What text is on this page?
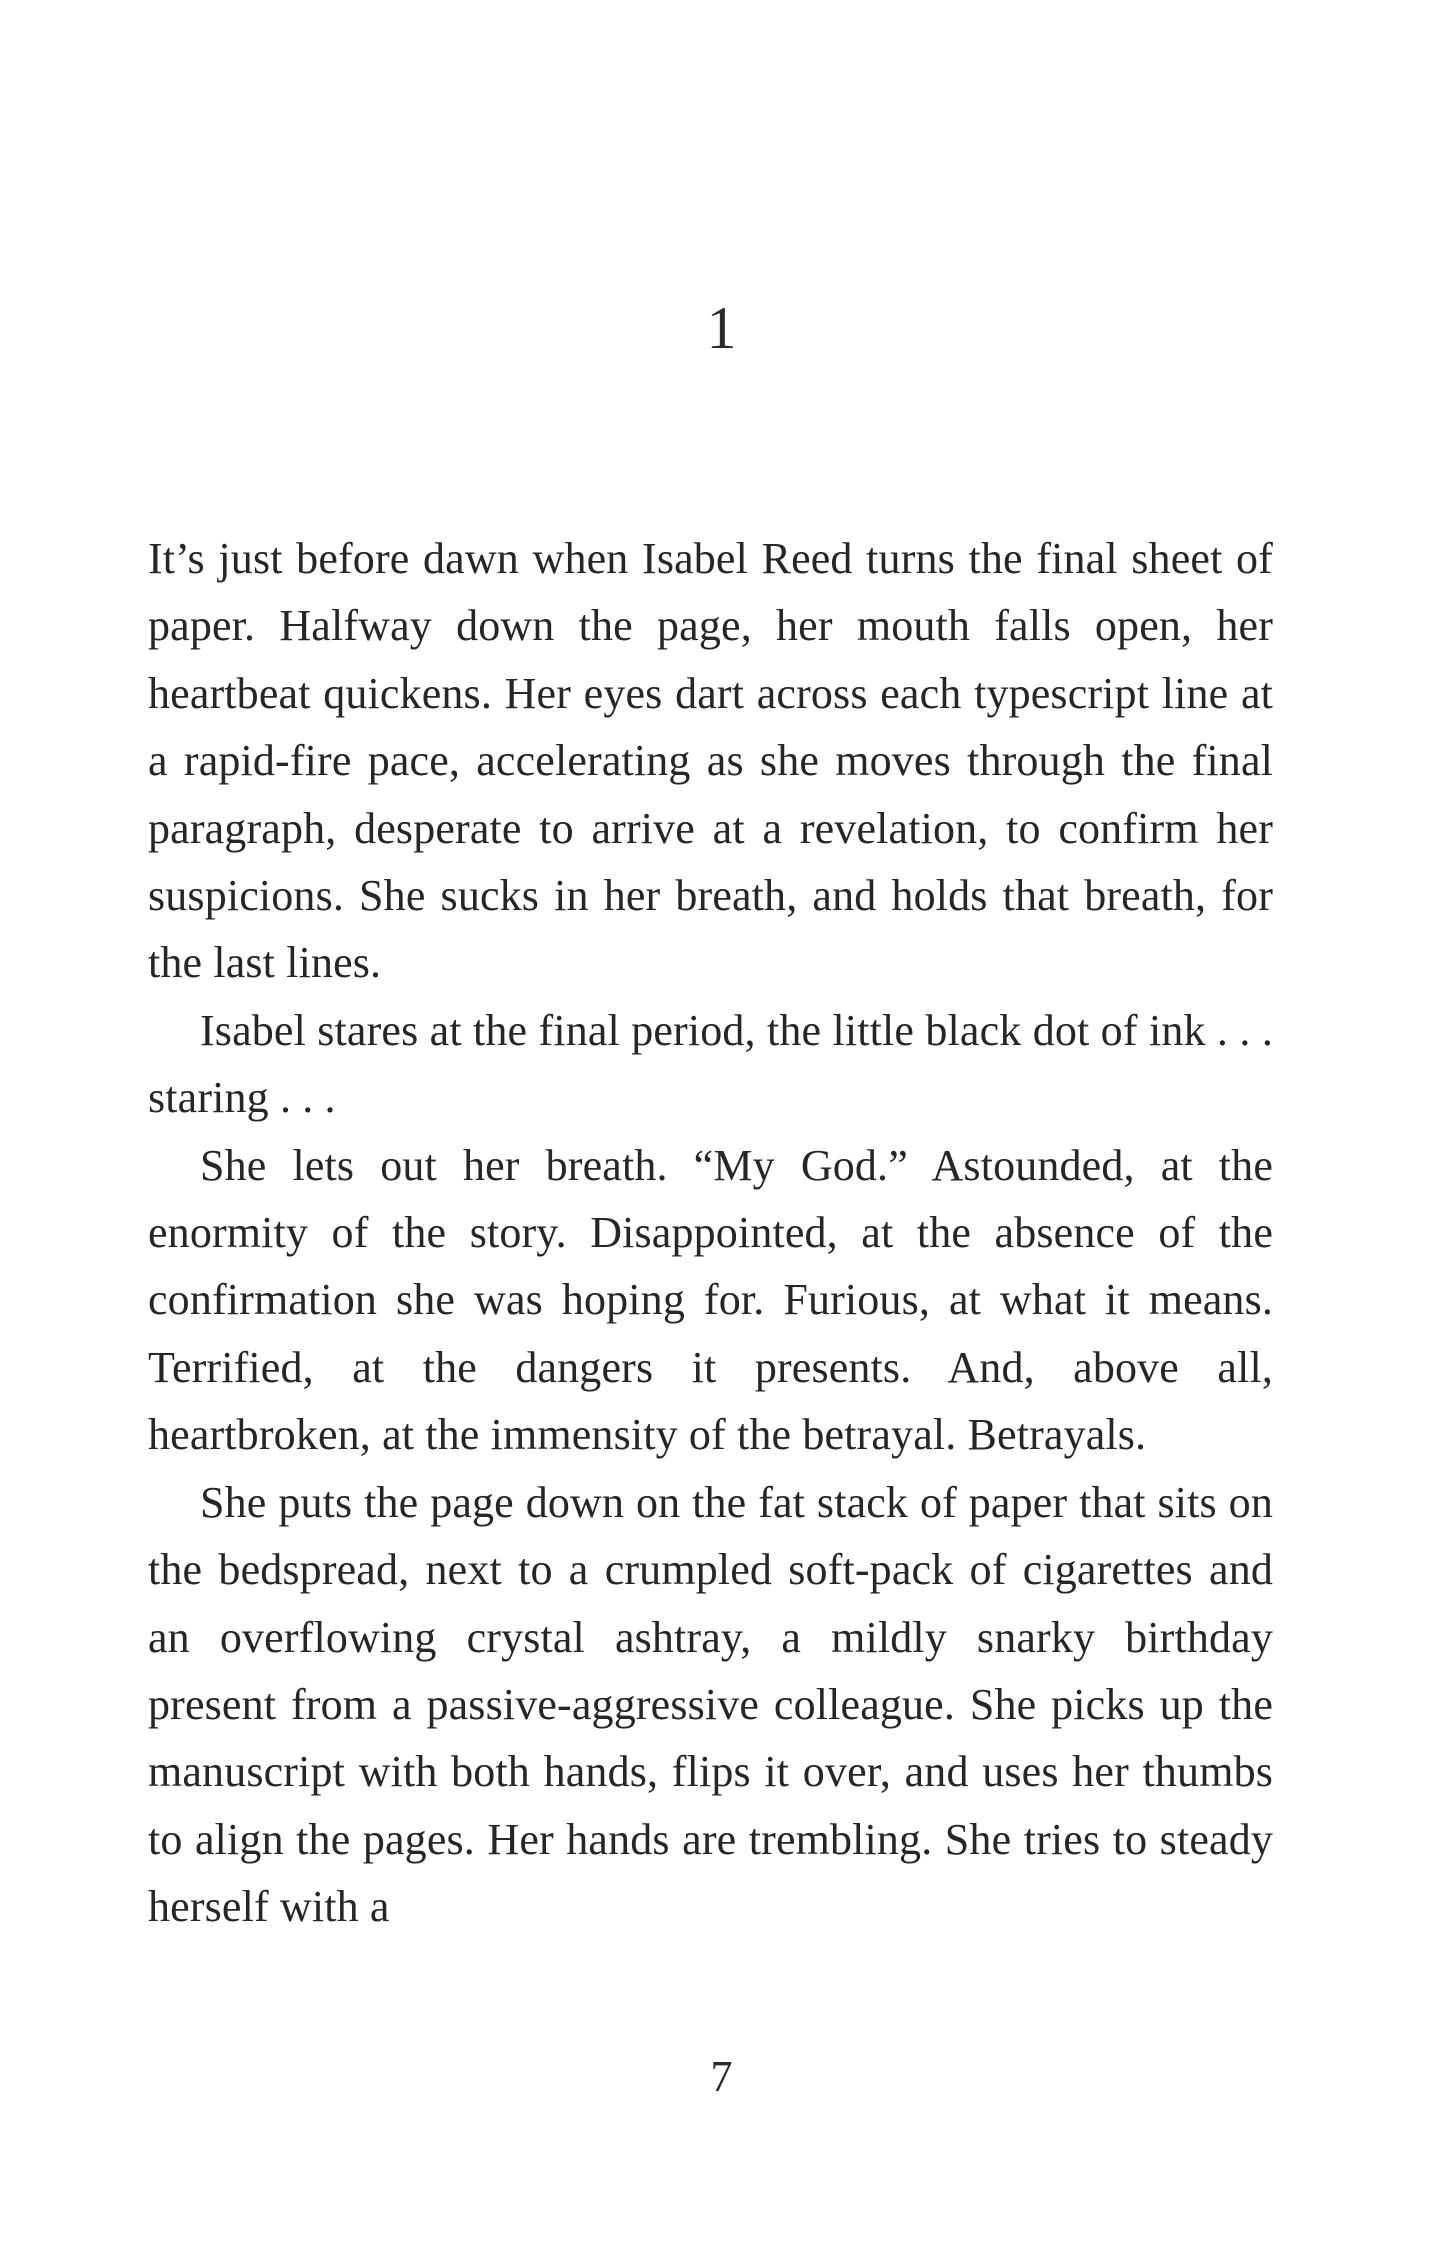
1

It’s just before dawn when Isabel Reed turns the final sheet of paper. Halfway down the page, her mouth falls open, her heartbeat quickens. Her eyes dart across each typescript line at a rapid-fire pace, accelerating as she moves through the final paragraph, desperate to arrive at a revelation, to confirm her suspicions. She sucks in her breath, and holds that breath, for the last lines.

Isabel stares at the final period, the little black dot of ink . . . staring . . .

She lets out her breath. “My God.” Astounded, at the enormity of the story. Disappointed, at the absence of the confirmation she was hoping for. Furious, at what it means. Terrified, at the dangers it presents. And, above all, heartbroken, at the immensity of the betrayal. Betrayals.

She puts the page down on the fat stack of paper that sits on the bedspread, next to a crumpled soft-pack of cigarettes and an overflowing crystal ashtray, a mildly snarky birthday present from a passive-aggressive colleague. She picks up the manuscript with both hands, flips it over, and uses her thumbs to align the pages. Her hands are trembling. She tries to steady herself with a

7
